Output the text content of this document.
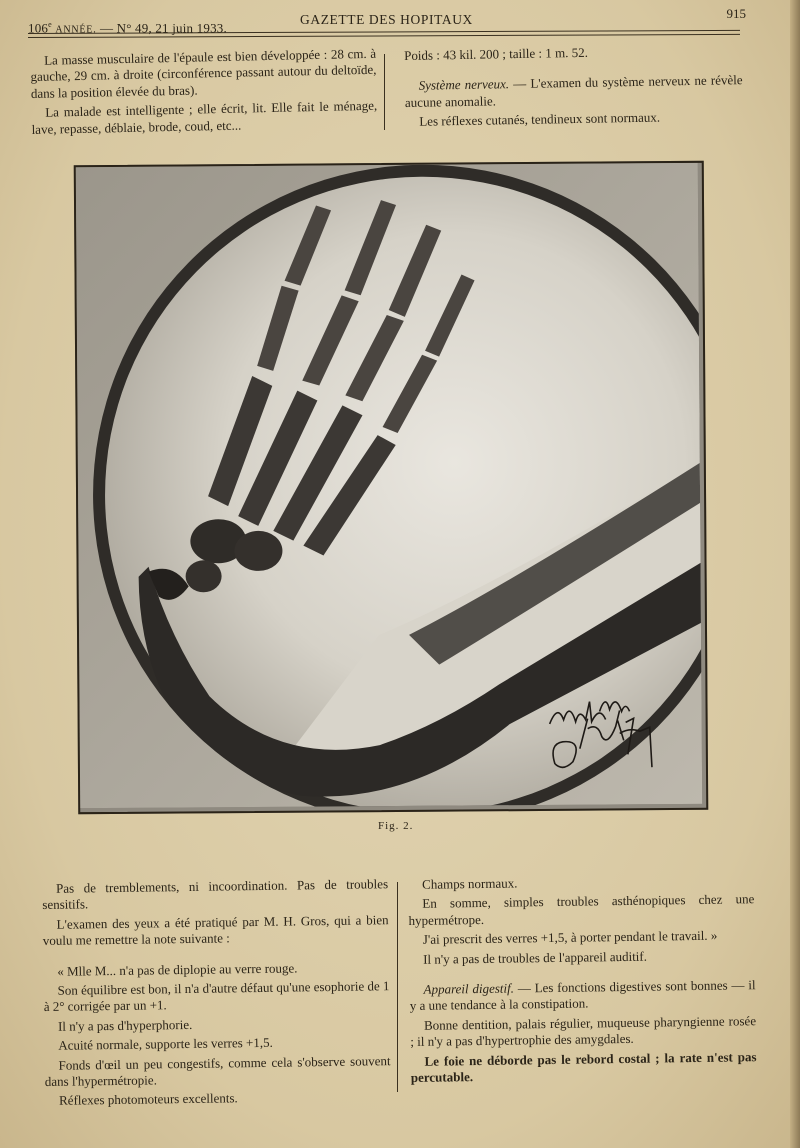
106e ANNÉE. — N° 49, 21 juin 1933.
GAZETTE DES HOPITAUX	915

La masse musculaire de l'épaule est bien développée : 28 cm. à gauche, 29 cm. à droite (circonférence passant autour du deltoïde, dans la position élevée du bras).

La malade est intelligente ; elle écrit, lit. Elle fait le ménage, lave, repasse, déblaie, brode, coud, etc...

Poids : 43 kil. 200 ; taille : 1 m. 52.

Système nerveux. — L'examen du système nerveux ne révèle aucune anomalie.

Les réflexes cutanés, tendineux sont normaux.

Fig. 2.

Pas de tremblements, ni incoordination. Pas de troubles sensitifs.

L'examen des yeux a été pratiqué par M. H. Gros, qui a bien voulu me remettre la note suivante :

« Mlle M... n'a pas de diplopie au verre rouge.

Son équilibre est bon, il n'a d'autre défaut qu'une esophorie de 1 à 2° corrigée par un +1.

Il n'y a pas d'hyperphorie.

Acuité normale, supporte les verres +1,5.

Fonds d'œil un peu congestifs, comme cela s'observe souvent dans l'hypermétropie.

Réflexes photomoteurs excellents.

Champs normaux.

En somme, simples troubles asthénopiques chez une hypermétrope.

J'ai prescrit des verres +1,5, à porter pendant le travail. »

Il n'y a pas de troubles de l'appareil auditif.

Appareil digestif. — Les fonctions digestives sont bonnes — il y a une tendance à la constipation.

Bonne dentition, palais régulier, muqueuse pharyngienne rosée ; il n'y a pas d'hypertrophie des amygdales.

Le foie ne déborde pas le rebord costal ; la rate n'est pas percutable.
